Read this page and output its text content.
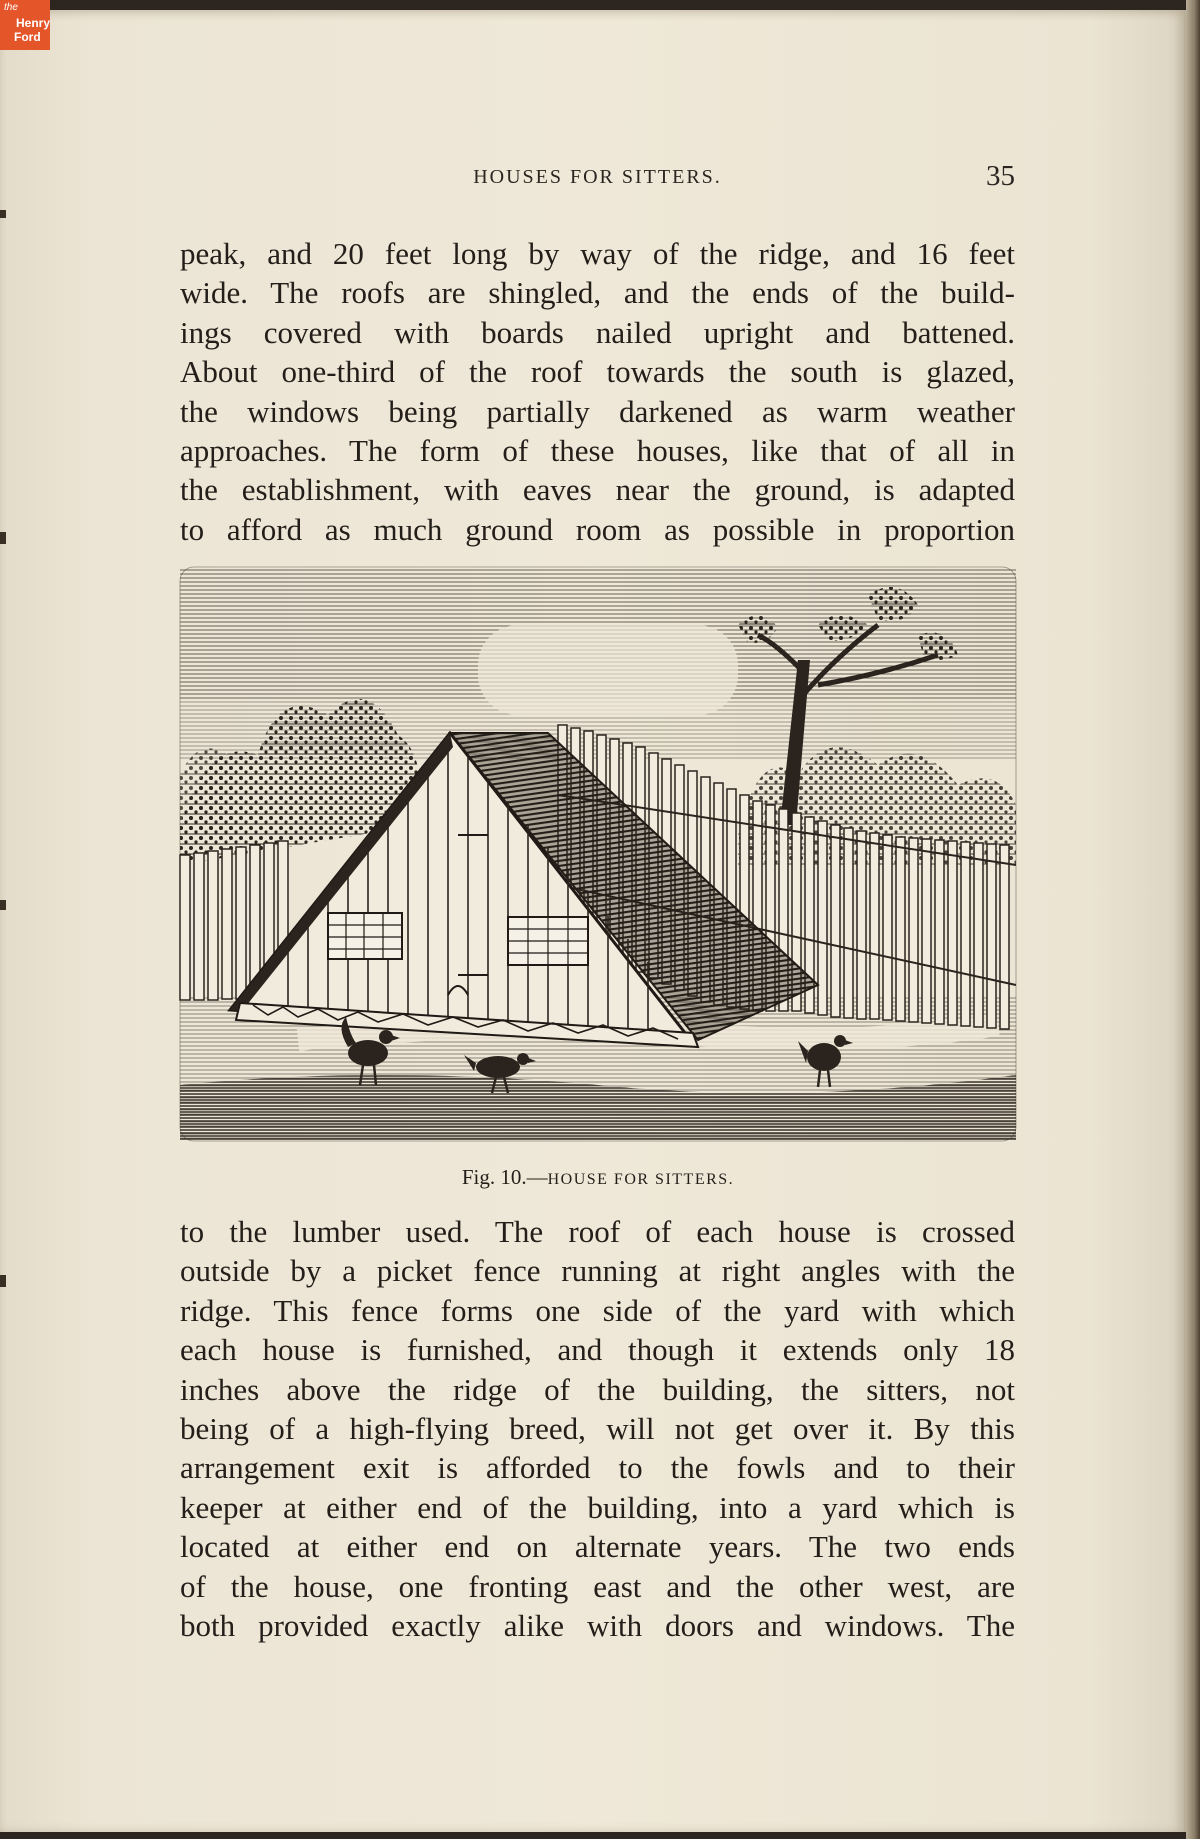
HOUSES FOR SITTERS.	35
peak, and 20 feet long by way of the ridge, and 16 feet
wide. The roofs are shingled, and the ends of the build-
ings covered with boards nailed upright and battened.
About one-third of the roof towards the south is glazed,
the windows being partially darkened as warm weather
approaches. The form of these houses, like that of all in
the establishment, with eaves near the ground, is adapted
to afford as much ground room as possible in proportion
Fig. 10.—HOUSE FOR SITTERS.
to the lumber used. The roof of each house is crossed
outside by a picket fence running at right angles with the
ridge. This fence forms one side of the yard with which
each house is furnished, and though it extends only 18
inches above the ridge of the building, the sitters, not
being of a high-flying breed, will not get over it. By this
arrangement exit is afforded to the fowls and to their
keeper at either end of the building, into a yard which is
located at either end on alternate years. The two ends
of the house, one fronting east and the other west, are
both provided exactly alike with doors and windows. The
the
Henry
Ford
